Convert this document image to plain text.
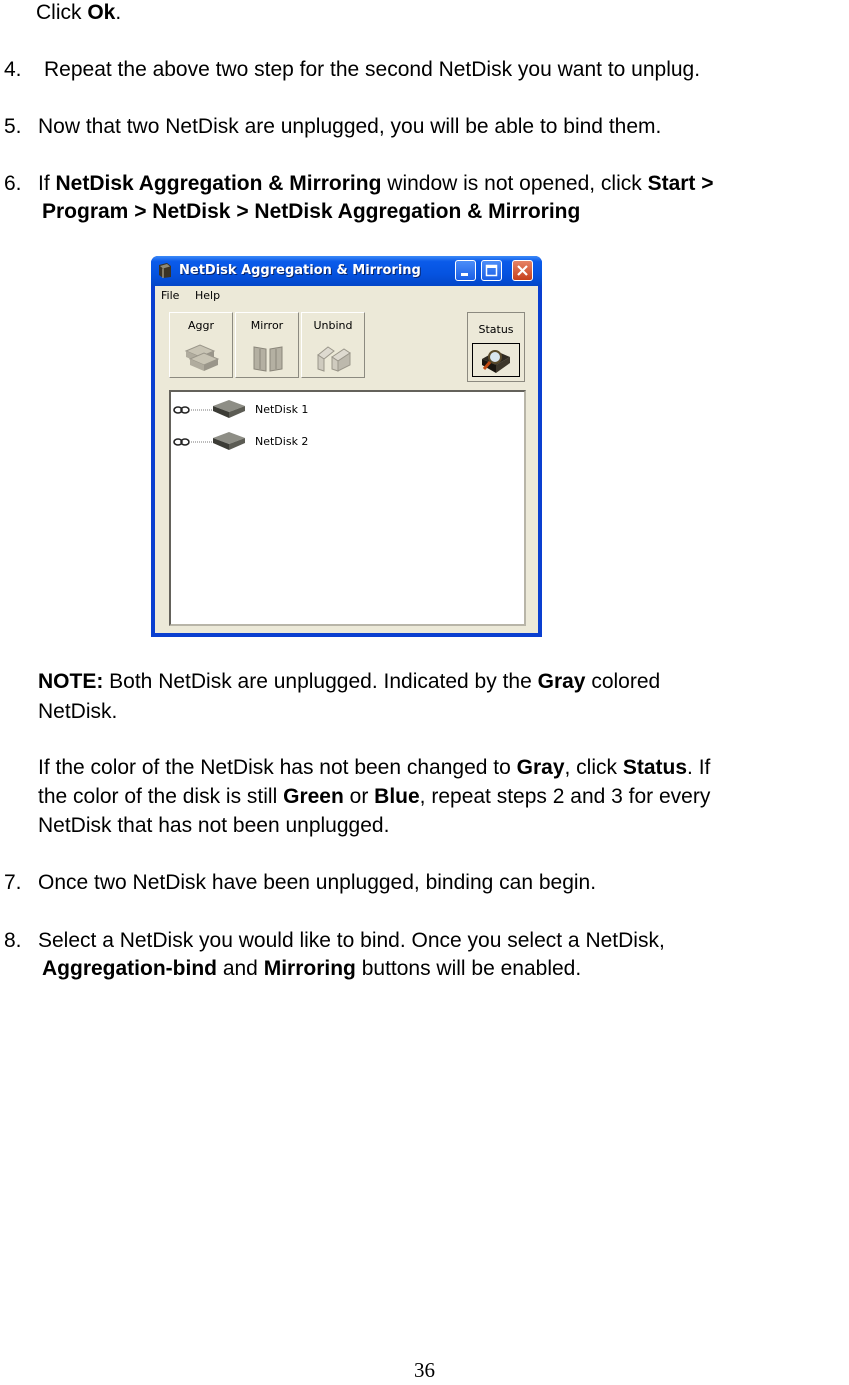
Click Ok.
4. Repeat the above two step for the second NetDisk you want to unplug.
5. Now that two NetDisk are unplugged, you will be able to bind them.
6. If NetDisk Aggregation & Mirroring window is not opened, click Start >
Program > NetDisk > NetDisk Aggregation & Mirroring
NetDisk Aggregation & Mirroring
File Help
Aggr	Mirror	Unbind	Status
NetDisk 1
NetDisk 2
NOTE: Both NetDisk are unplugged. Indicated by the Gray colored
NetDisk.
If the color of the NetDisk has not been changed to Gray, click Status. If
the color of the disk is still Green or Blue, repeat steps 2 and 3 for every
NetDisk that has not been unplugged.
7. Once two NetDisk have been unplugged, binding can begin.
8. Select a NetDisk you would like to bind. Once you select a NetDisk,
Aggregation-bind and Mirroring buttons will be enabled.
36
